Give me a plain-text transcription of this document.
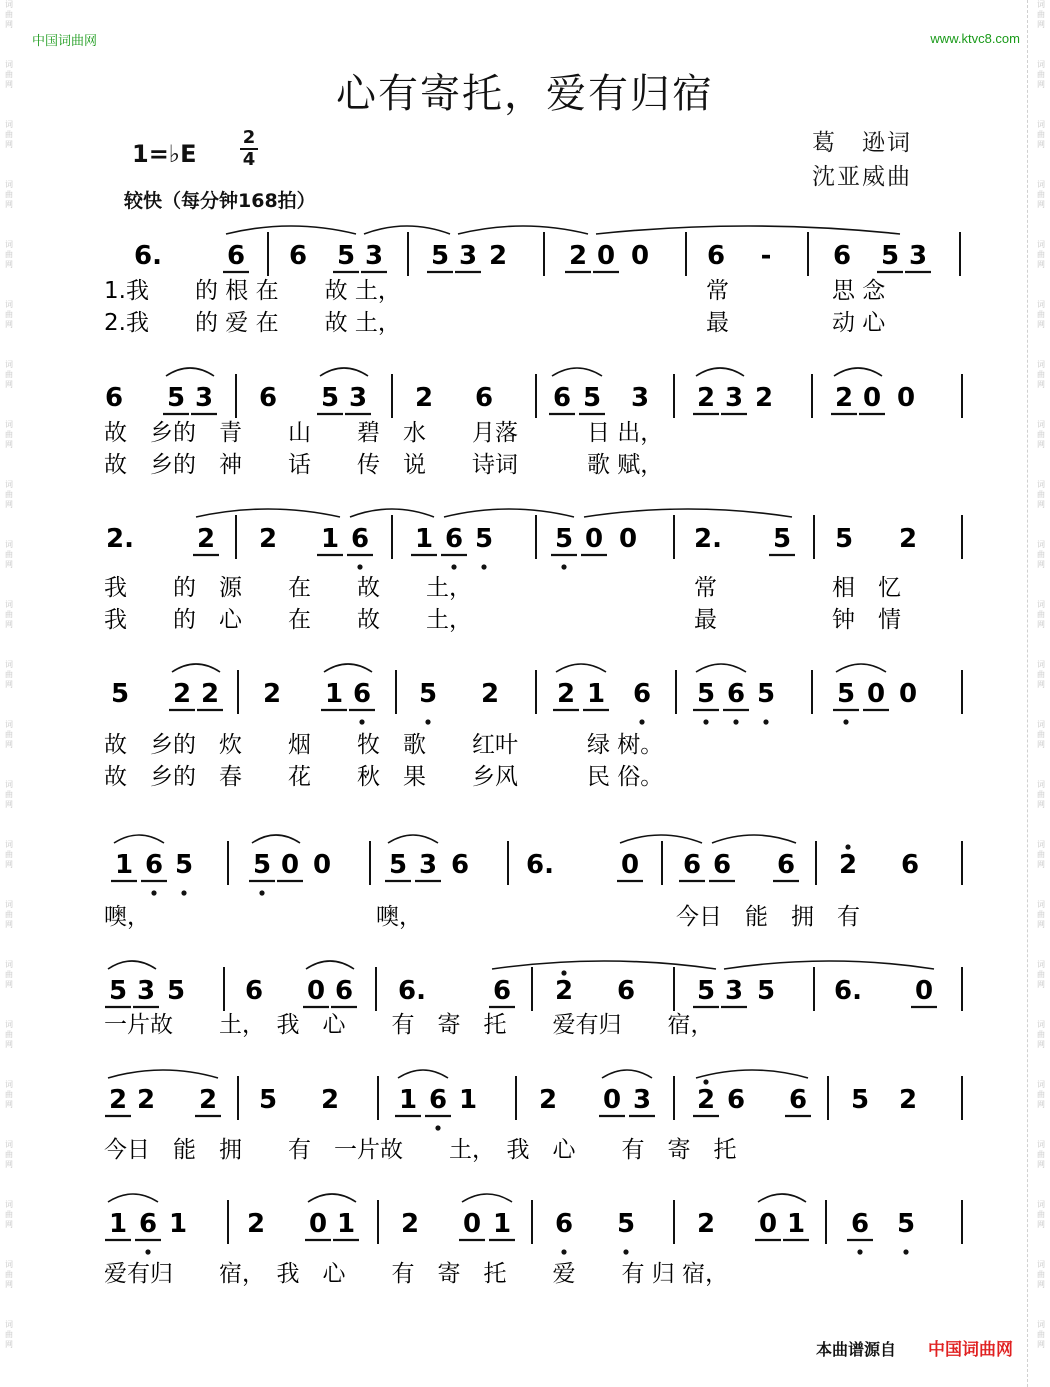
词
曲
网
词
曲
网
词
曲
网
词
曲
网
词
曲
网
词
曲
网
词
曲
网
词
曲
网
词
曲
网
词
曲
网
词
曲
网
词
曲
网
词
曲
网
词
曲
网
词
曲
网
词
曲
网
词
曲
网
词
曲
网
词
曲
网
词
曲
网
词
曲
网
词
曲
网
词
曲
网
词
曲
网
词
曲
网
词
曲
网
词
曲
网
词
曲
网
词
曲
网
词
曲
网
词
曲
网
词
曲
网
词
曲
网
词
曲
网
词
曲
网
词
曲
网
词
曲
网
词
曲
网
词
曲
网
词
曲
网
词
曲
网
词
曲
网
词
曲
网
词
曲
网
词
曲
网
词
曲
网
中国词曲网	www.ktvc8.com
心有寄托，爱有归宿
1=♭E
2
4
较快（每分钟168拍）
葛　逊词
沈亚威曲
6. 6 6 5 3 5 3 2 2 0 0 6 - 6 5 3
1.我　　的 根 在　　故 土，	常	思 念
2.我　　的 爱 在　　故 土，	最	动 心
6 5 3 6 5 3 2 6 6 5 3 2 3 2 2 0 0
故　乡的　青　　山　　碧　水　　月落　　　日 出，
故　乡的　神　　话　　传　说　　诗词　　　歌 赋，
2. 2 2 1 6 1 6 5 5 0 0 2. 5 5 2
我　　的　源　　在　　故　　土，	常	相　忆
我　　的　心　　在　　故　　土，	最	钟　情
5 2 2 2 1 6 5 2 2 1 6 5 6 5 5 0 0
故　乡的　炊　　烟　　牧　歌　　红叶　　　绿 树。
故　乡的　春　　花　　秋　果　　乡风　　　民 俗。
1 6 5 5 0 0 5 3 6 6.	0 6 6 6 2 6
噢，	噢，	今日　能　拥　有
5 3 5 6 0 6 6.	6 2 6 5 3 5 6. 0
一片故　　土，　我　心　　有　寄　托　　爱有归　　宿，
2 2 2 5 2 1 6 1 2 0 3 2 6 6 5 2
今日　能　拥　　有　一片故　　土，　我　心　　有　寄　托
1 6 1 2 0 1 2 0 1 6 5 2 0 1 6 5
爱有归　　宿，　我　心　　有　寄　托　　爱　　有 归 宿，
本曲谱源自 中国词曲网
